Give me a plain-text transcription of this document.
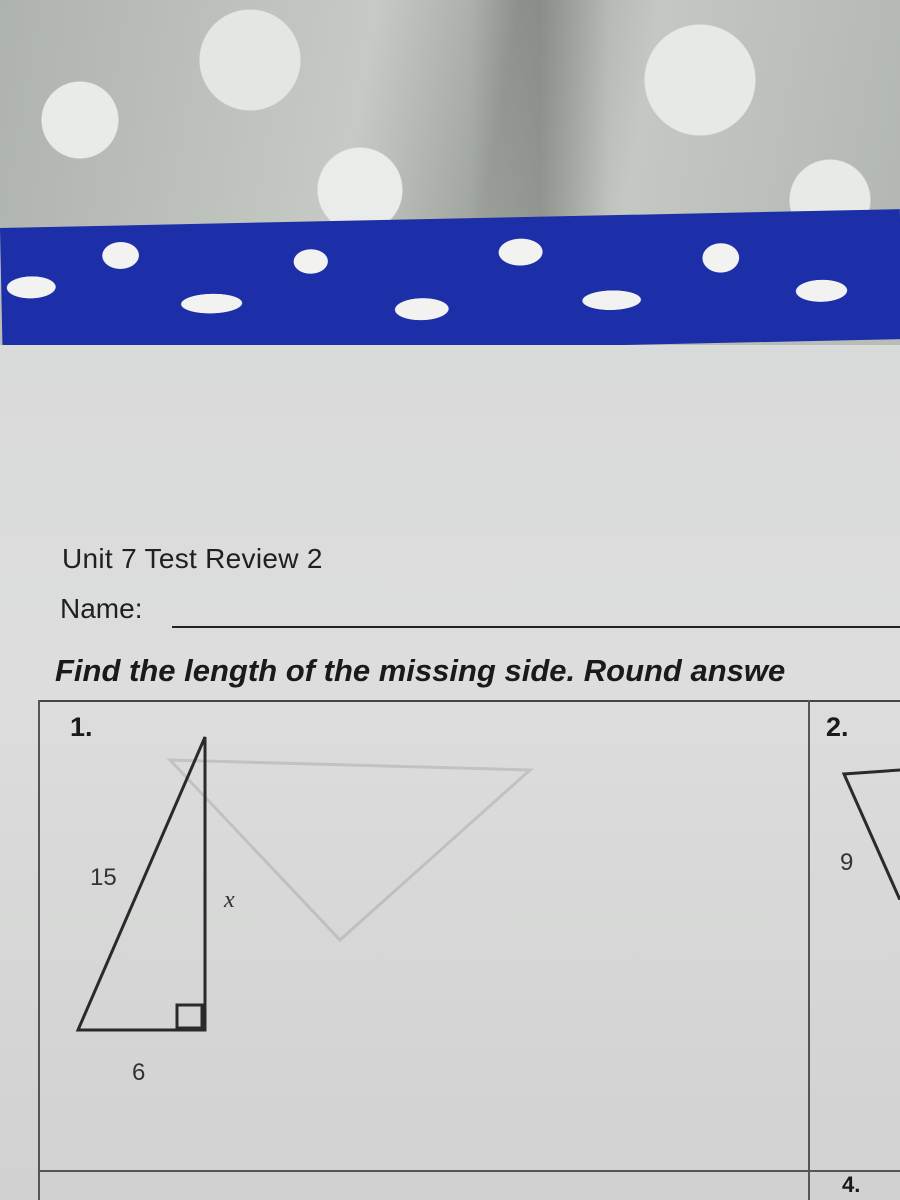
Unit 7 Test Review 2
Name:
Find the length of the missing side. Round answe
1.	2.
4.
15
x
6
9
